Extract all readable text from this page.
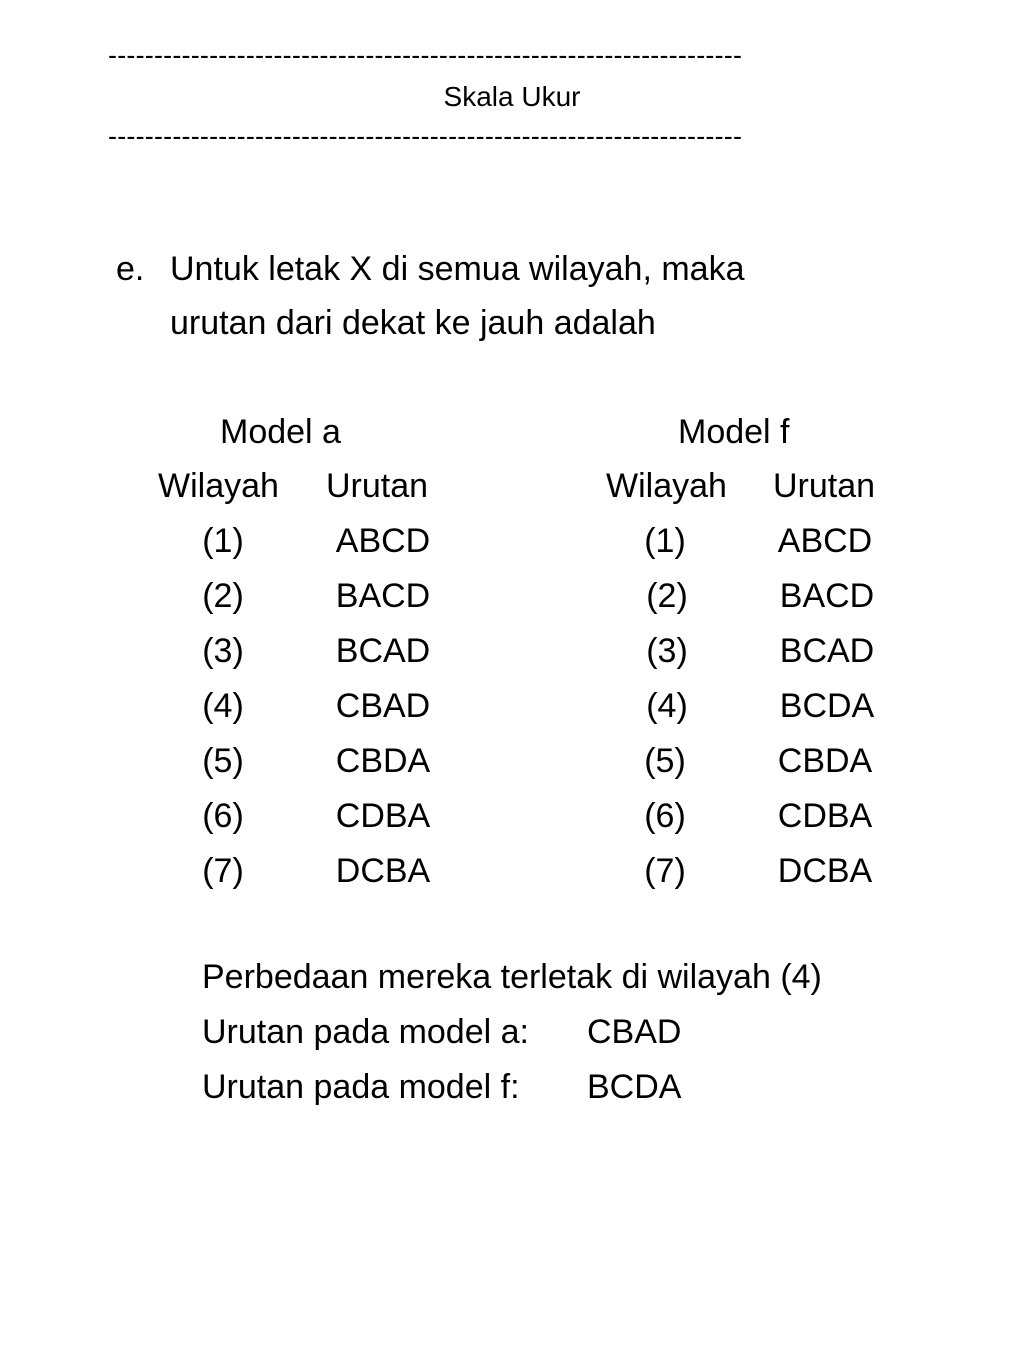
---------------------------------------------------------------------
Skala Ukur
---------------------------------------------------------------------
e. Untuk letak X di semua wilayah, maka
urutan dari dekat ke jauh adalah
Model a
Wilayah Urutan
(1)	ABCD
(2)	BACD
(3)	BCAD
(4)	CBAD
(5)	CBDA
(6)	CDBA
(7)	DCBA
Model f
Wilayah Urutan
(1)	ABCD
(2)	BACD
(3)	BCAD
(4)	BCDA
(5)	CBDA
(6)	CDBA
(7)	DCBA
Perbedaan mereka terletak di wilayah (4)
Urutan pada model a: CBAD
Urutan pada model f: BCDA
